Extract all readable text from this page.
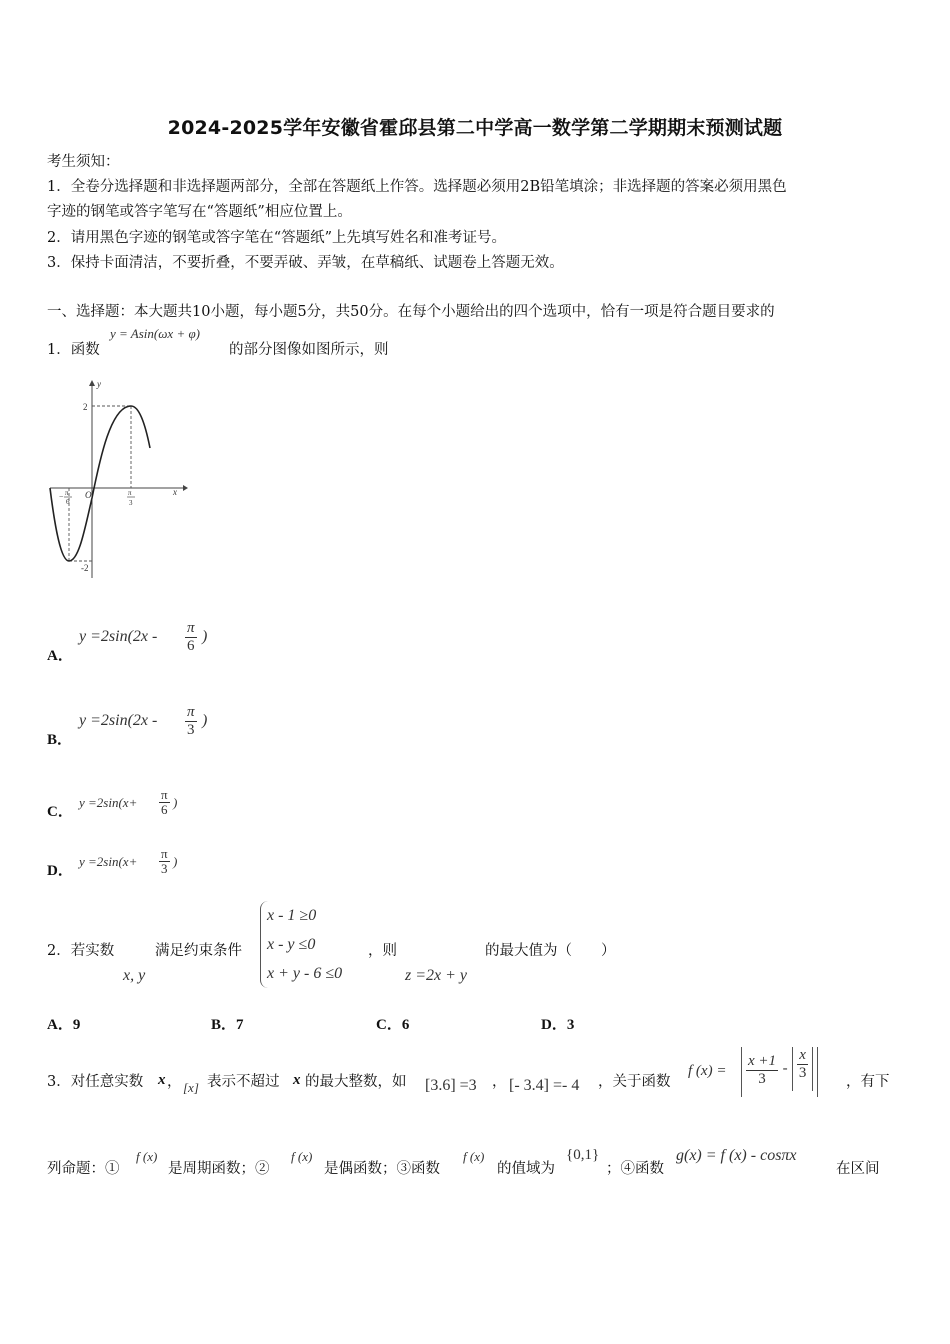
2024-2025学年安徽省霍邱县第二中学高一数学第二学期期末预测试题
考生须知：
1．全卷分选择题和非选择题两部分，全部在答题纸上作答。选择题必须用2B铅笔填涂；非选择题的答案必须用黑色
字迹的钢笔或答字笔写在“答题纸”相应位置上。
2．请用黑色字迹的钢笔或答字笔在“答题纸”上先填写姓名和准考证号。
3．保持卡面清洁，不要折叠，不要弄破、弄皱，在草稿纸、试题卷上答题无效。
一、选择题：本大题共10小题，每小题5分，共50分。在每个小题给出的四个选项中，恰有一项是符合题目要求的
1．函数
y = Asin(ωx + φ)
的部分图像如图所示，则
2
-2
O	x
y
− π
6
π
3
A．
$y =2\sin(2x - \frac{\pi}{6}$ )
B．
$y =2\sin(2x - \frac{\pi}{3}$ )
C．
$y =2\sin(x+ \frac{\pi}{6}$ )
D．
$y =2\sin(x+ \frac{\pi}{3}$ )
2．若实数
x, y
满足约束条件
x - 1 ≥0
x - y ≤0
x + y - 6 ≤0
，则
z =2x + y
的最大值为（　　）
A．9	B．7	C．6	D．3
3．对任意实数 x ， [x] 表示不超过 x 的最大整数，如 [3.6] =3 ， [- 3.4] =- 4 ，关于函数
f $(x) = \frac{x +1}{3} - \frac{x}{3}$	，有下
列命题：①
f (x)
是周期函数；②
f (x)
是偶函数；③函数
f (x)
的值域为
{0,1}
；④函数
g(x) = f (x) - cosπx
在区间
